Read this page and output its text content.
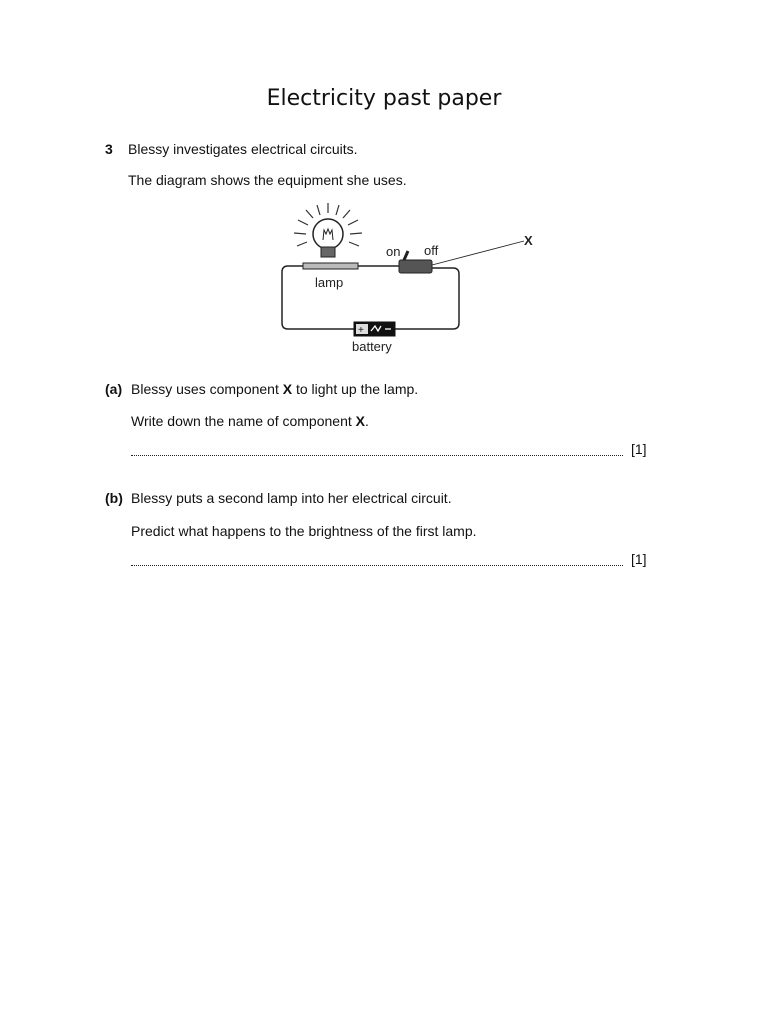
Electricity past paper
3 Blessy investigates electrical circuits.
The diagram shows the equipment she uses.
on off
X
lamp
+
battery
(a) Blessy uses component X to light up the lamp.
Write down the name of component X.
[1]
(b) Blessy puts a second lamp into her electrical circuit.
Predict what happens to the brightness of the first lamp.
[1]
